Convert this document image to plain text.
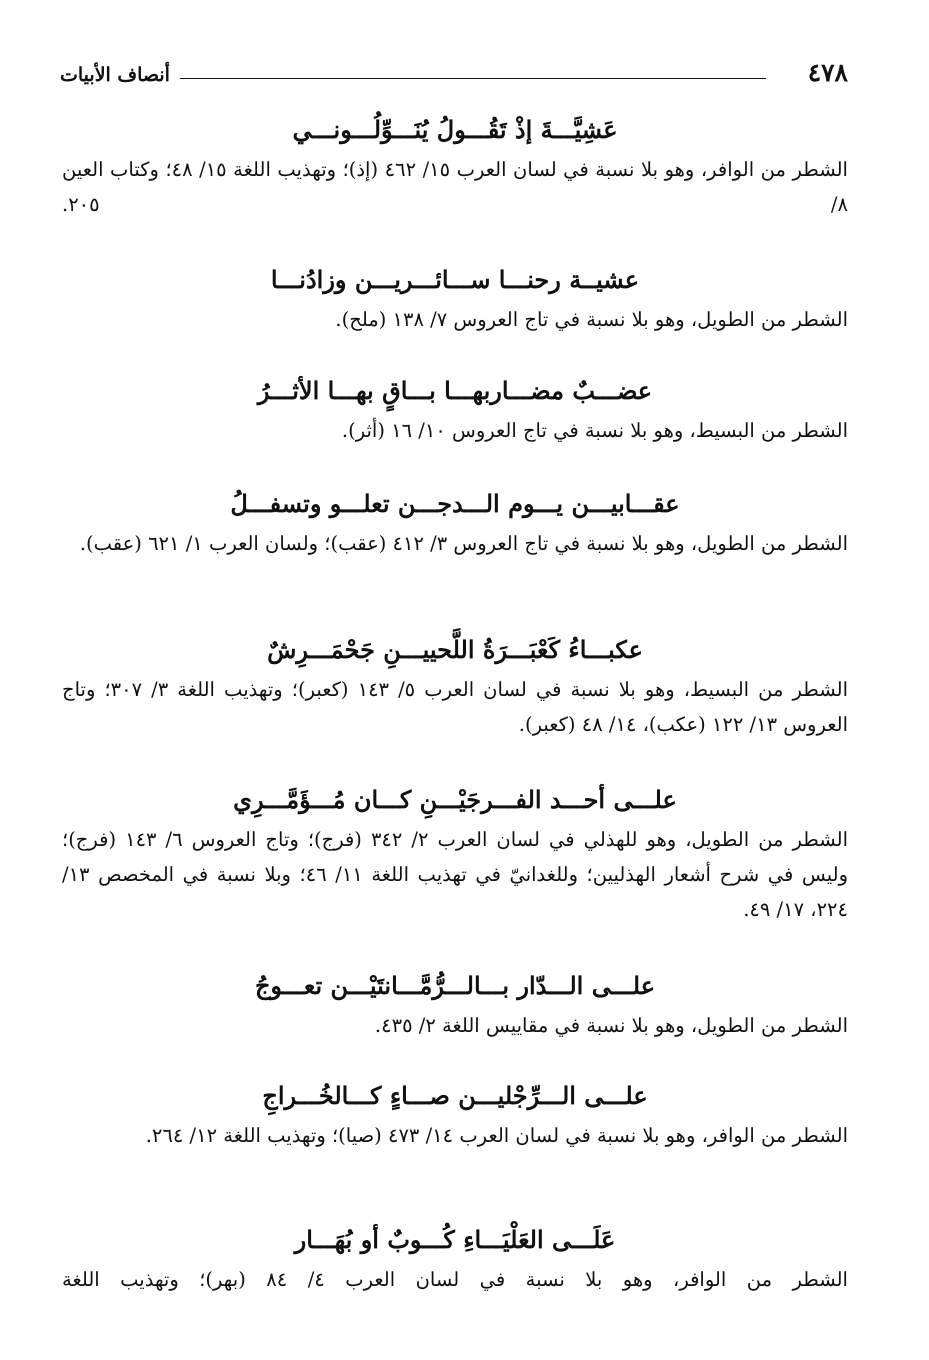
٤٧٨
أنصاف الأبيات
عَشِيَّـــةَ إذْ تَقُـــولُ يُنَـــوِّلُـــونـــي
الشطر من الوافر، وهو بلا نسبة في لسان العرب ١٥/ ٤٦٢ (إذ)؛ وتهذيب اللغة ١٥/ ٤٨؛ وكتاب العين ٨/ ٢٠٥.
عشيــة رحنـــا ســـائـــريـــن وزادُنـــا
الشطر من الطويل، وهو بلا نسبة في تاج العروس ٧/ ١٣٨ (ملح).
عضـــبٌ مضـــاربهـــا بـــاقٍ بهـــا الأثـــرُ
الشطر من البسيط، وهو بلا نسبة في تاج العروس ١٠/ ١٦ (أثر).
عقـــابيـــن يـــوم الـــدجـــن تعلـــو وتسفـــلُ
الشطر من الطويل، وهو بلا نسبة في تاج العروس ٣/ ٤١٢ (عقب)؛ ولسان العرب ١/ ٦٢١ (عقب).
عكبـــاءُ كَعْبَـــرَةُ اللَّحييـــنِ جَحْمَـــرِشٌ
الشطر من البسيط، وهو بلا نسبة في لسان العرب ٥/ ١٤٣ (كعبر)؛ وتهذيب اللغة ٣/ ٣٠٧؛ وتاج العروس ١٣/ ١٢٢ (عكب)، ١٤/ ٤٨ (كعبر).
علـــى أحـــد الفـــرجَيْـــنِ كـــان مُـــؤَمَّـــرِي
الشطر من الطويل، وهو للهذلي في لسان العرب ٢/ ٣٤٢ (فرج)؛ وتاج العروس ٦/ ١٤٣ (فرج)؛ وليس في شرح أشعار الهذليين؛ وللغدانيّ في تهذيب اللغة ١١/ ٤٦؛ وبلا نسبة في المخصص ١٣/ ٢٢٤، ١٧/ ٤٩.
علـــى الـــدّار بـــالـــرُّمَّـــانتَيْـــن تعـــوجُ
الشطر من الطويل، وهو بلا نسبة في مقاييس اللغة ٢/ ٤٣٥.
علـــى الـــرِّجْليـــن صـــاءٍ كـــالخُـــراجِ
الشطر من الوافر، وهو بلا نسبة في لسان العرب ١٤/ ٤٧٣ (صيا)؛ وتهذيب اللغة ١٢/ ٢٦٤.
عَلَـــى العَلْيَـــاءِ كُـــوبٌ أو بُهَـــار
الشطر من الوافر، وهو بلا نسبة في لسان العرب ٤/ ٨٤ (بهر)؛ وتهذيب اللغة
